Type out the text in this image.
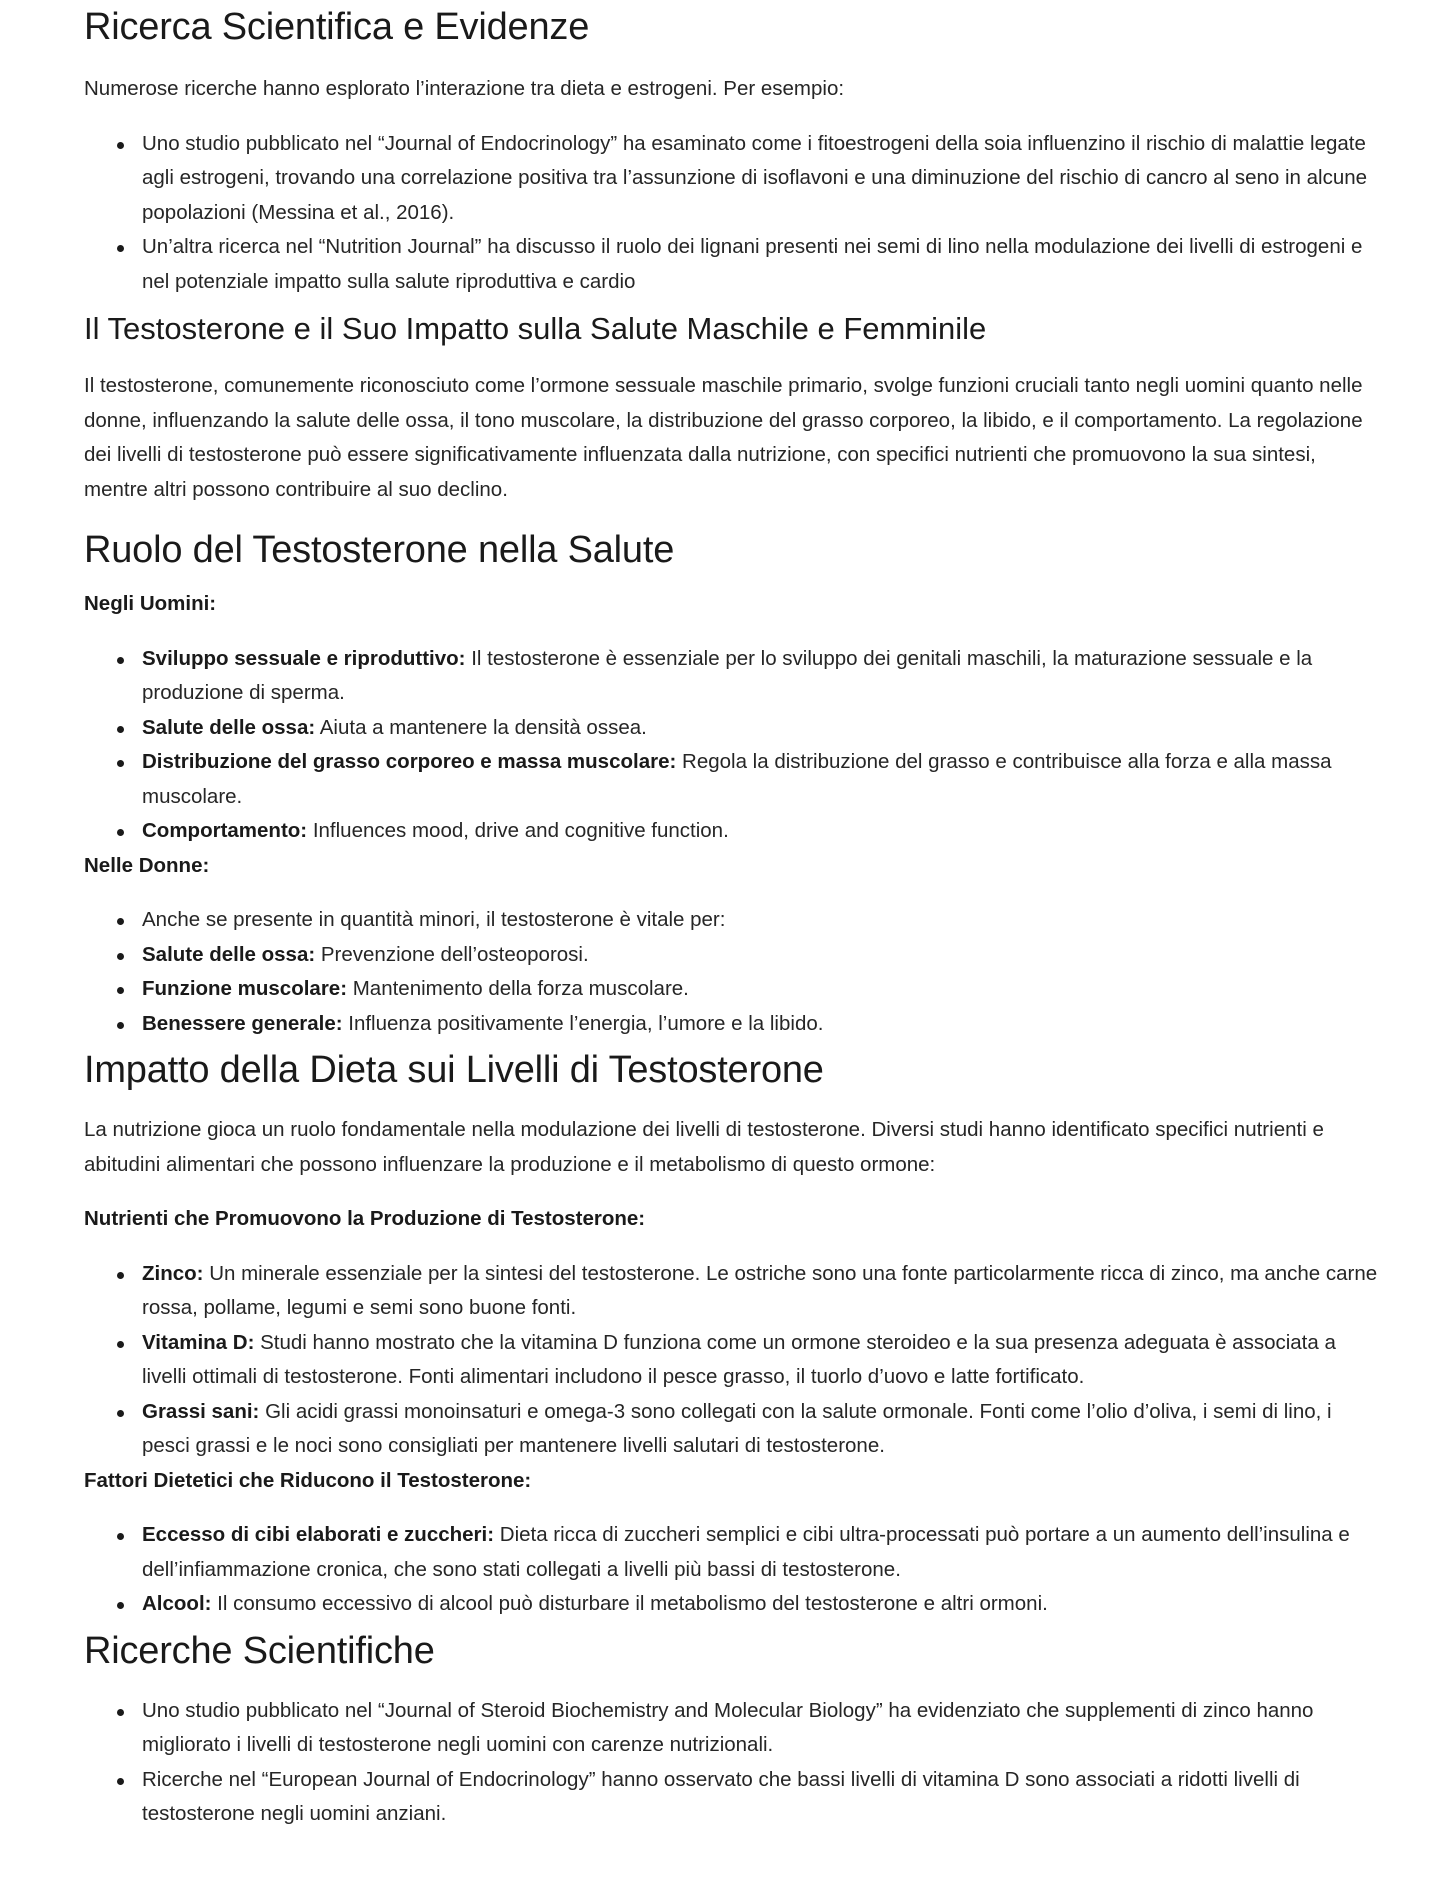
Ricerca Scientifica e Evidenze

Numerose ricerche hanno esplorato l’interazione tra dieta e estrogeni. Per esempio:

Uno studio pubblicato nel “Journal of Endocrinology” ha esaminato come i fitoestrogeni della soia influenzino il rischio di malattie legate agli estrogeni, trovando una correlazione positiva tra l’assunzione di isoflavoni e una diminuzione del rischio di cancro al seno in alcune popolazioni (Messina et al., 2016).
Un’altra ricerca nel “Nutrition Journal” ha discusso il ruolo dei lignani presenti nei semi di lino nella modulazione dei livelli di estrogeni e nel potenziale impatto sulla salute riproduttiva e cardio
Il Testosterone e il Suo Impatto sulla Salute Maschile e Femminile

Il testosterone, comunemente riconosciuto come l’ormone sessuale maschile primario, svolge funzioni cruciali tanto negli uomini quanto nelle donne, influenzando la salute delle ossa, il tono muscolare, la distribuzione del grasso corporeo, la libido, e il comportamento. La regolazione dei livelli di testosterone può essere significativamente influenzata dalla nutrizione, con specifici nutrienti che promuovono la sua sintesi, mentre altri possono contribuire al suo declino.

Ruolo del Testosterone nella Salute

Negli Uomini:

Sviluppo sessuale e riproduttivo: Il testosterone è essenziale per lo sviluppo dei genitali maschili, la maturazione sessuale e la produzione di sperma.
Salute delle ossa: Aiuta a mantenere la densità ossea.
Distribuzione del grasso corporeo e massa muscolare: Regola la distribuzione del grasso e contribuisce alla forza e alla massa muscolare.
Comportamento: Influences mood, drive and cognitive function.

Nelle Donne:

Anche se presente in quantità minori, il testosterone è vitale per:
Salute delle ossa: Prevenzione dell’osteoporosi.
Funzione muscolare: Mantenimento della forza muscolare.
Benessere generale: Influenza positivamente l’energia, l’umore e la libido.
Impatto della Dieta sui Livelli di Testosterone

La nutrizione gioca un ruolo fondamentale nella modulazione dei livelli di testosterone. Diversi studi hanno identificato specifici nutrienti e abitudini alimentari che possono influenzare la produzione e il metabolismo di questo ormone:

Nutrienti che Promuovono la Produzione di Testosterone:

Zinco: Un minerale essenziale per la sintesi del testosterone. Le ostriche sono una fonte particolarmente ricca di zinco, ma anche carne rossa, pollame, legumi e semi sono buone fonti.
Vitamina D: Studi hanno mostrato che la vitamina D funziona come un ormone steroideo e la sua presenza adeguata è associata a livelli ottimali di testosterone. Fonti alimentari includono il pesce grasso, il tuorlo d’uovo e latte fortificato.
Grassi sani: Gli acidi grassi monoinsaturi e omega-3 sono collegati con la salute ormonale. Fonti come l’olio d’oliva, i semi di lino, i pesci grassi e le noci sono consigliati per mantenere livelli salutari di testosterone.

Fattori Dietetici che Riducono il Testosterone:

Eccesso di cibi elaborati e zuccheri: Dieta ricca di zuccheri semplici e cibi ultra-processati può portare a un aumento dell’insulina e dell’infiammazione cronica, che sono stati collegati a livelli più bassi di testosterone.
Alcool: Il consumo eccessivo di alcool può disturbare il metabolismo del testosterone e altri ormoni.
Ricerche Scientifiche
Uno studio pubblicato nel “Journal of Steroid Biochemistry and Molecular Biology” ha evidenziato che supplementi di zinco hanno migliorato i livelli di testosterone negli uomini con carenze nutrizionali.
Ricerche nel “European Journal of Endocrinology” hanno osservato che bassi livelli di vitamina D sono associati a ridotti livelli di testosterone negli uomini anziani.
